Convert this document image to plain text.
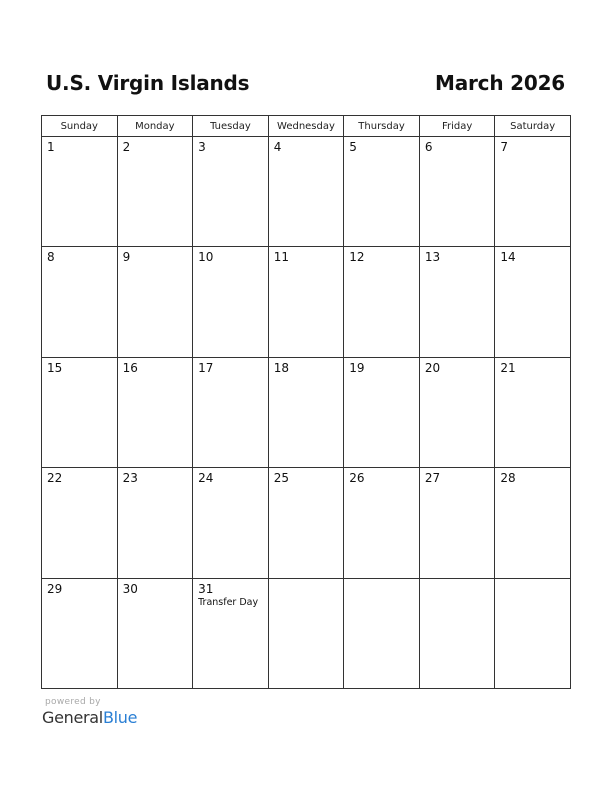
U.S. Virgin Islands	March 2026
Sunday	Monday	Tuesday	Wednesday	Thursday	Friday	Saturday

1	2	3	4	5	6	7

8	9	10	11	12	13	14

15	16	17	18	19	20	21

22	23	24	25	26	27	28

29	30	31
Transfer Day				

powered by
GeneralBlue
